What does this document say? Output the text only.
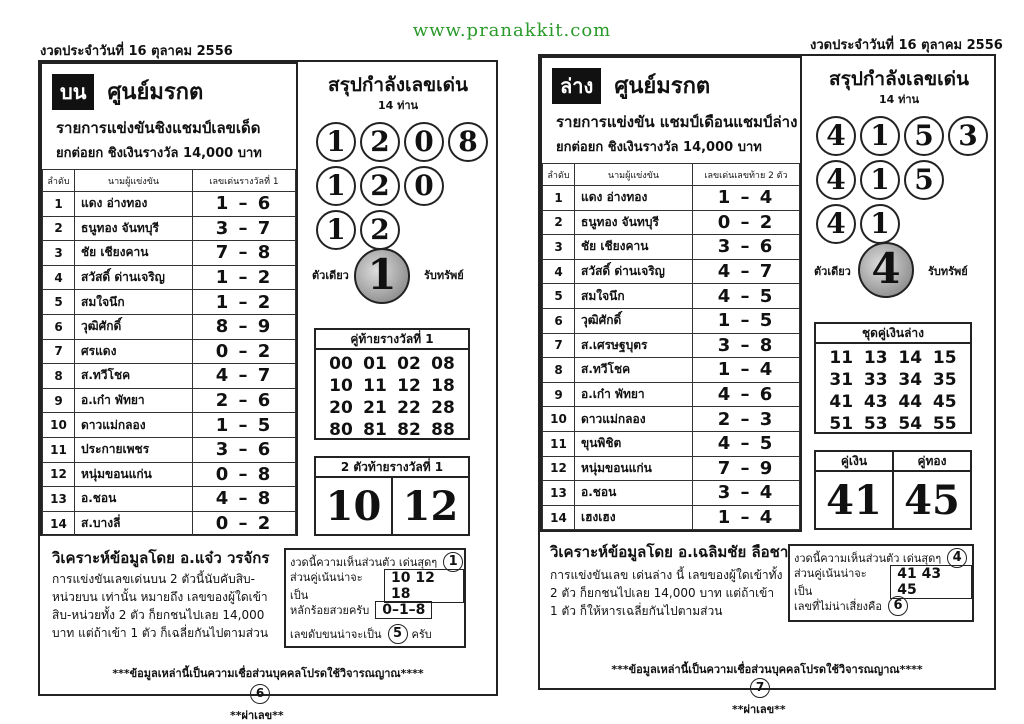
www.pranakkit.com
งวดประจำวันที่ 16 ตุลาคม 2556
บน ศูนย์มรกต
รายการแข่งขันชิงแชมป์เลขเด็ด
ยกต่อยก ชิงเงินรางวัล 14,000 บาท
ลำดับ	นามผู้แข่งขัน	เลขเด่นรางวัลที่ 1
1	แดง อ่างทอง	1 – 6
2	ธนูทอง จันทบุรี	3 – 7
3	ชัย เชียงคาน	7 – 8
4	สวัสดิ์ ด่านเจริญ	1 – 2
5	สมใจนึก	1 – 2
6	วุฒิศักดิ์	8 – 9
7	ศรแดง	0 – 2
8	ส.ทวีโชค	4 – 7
9	อ.เก๋า พัทยา	2 – 6
10	ดาวแม่กลอง	1 – 5
11	ประกายเพชร	3 – 6
12	หนุ่มขอนแก่น	0 – 8
13	อ.ชอน	4 – 8
14	ส.บางลี่	0 – 2
สรุปกำลังเลขเด่น
14 ท่าน
1 2 0 8
1 2 0
1 2
ตัวเดียว 1	รับทรัพย์
คู่ท้ายรางวัลที่ 1
00 01 02 08
10 11 12 18
20 21 22 28
80 81 82 88
2 ตัวท้ายรางวัลที่ 1
10 12
วิเคราะห์ข้อมูลโดย อ.แจ๋ว วรจักร
การแข่งขันเลขเด่นบน 2 ตัวนี้นับคับสิบ-หน่วยบน เท่านั้น หมายถึง เลขของผู้ใดเข้าสิบ-หน่วยทั้ง 2 ตัว ก็ยกชนไปเลย 14,000 บาท แต่ถ้าเข้า 1 ตัว ก็เฉลี่ยกันไปตามส่วน
งวดนี้ความเห็นส่วนตัว เด่นสุดๆ 1
ส่วนคู่เน้นน่าจะเป็น
10 12 18
หลักร้อยสวยครับ 0–1–8
เลขดับขนน่าจะเป็น 5 ครับ
***ข้อมูลเหล่านี้เป็นความเชื่อส่วนบุคคลโปรดใช้วิจารณญาณ****
6
**ผ่าเลข**
งวดประจำวันที่ 16 ตุลาคม 2556
ล่าง ศูนย์มรกต
รายการแข่งขัน แชมป์เดือนแชมป์ล่าง
ยกต่อยก ชิงเงินรางวัล 14,000 บาท
ลำดับ	นามผู้แข่งขัน	เลขเด่นเลขท้าย 2 ตัว
1	แดง อ่างทอง	1 – 4
2	ธนูทอง จันทบุรี	0 – 2
3	ชัย เชียงคาน	3 – 6
4	สวัสดิ์ ด่านเจริญ	4 – 7
5	สมใจนึก	4 – 5
6	วุฒิศักดิ์	1 – 5
7	ส.เศรษฐบุตร	3 – 8
8	ส.ทวีโชค	1 – 4
9	อ.เก๋า พัทยา	4 – 6
10	ดาวแม่กลอง	2 – 3
11	ขุนพิชิต	4 – 5
12	หนุ่มขอนแก่น	7 – 9
13	อ.ชอน	3 – 4
14	เฮงเฮง	1 – 4
สรุปกำลังเลขเด่น
14 ท่าน
4 1 5 3
4 1 5
4 1
ตัวเดียว 4	รับทรัพย์
ชุดคู่เงินล่าง
11 13 14 15
31 33 34 35
41 43 44 45
51 53 54 55
คู่เงิน	คู่ทอง
41 45
วิเคราะห์ข้อมูลโดย อ.เฉลิมชัย ลือชา
การแข่งขันเลข เด่นล่าง นี้ เลขของผู้ใดเข้าทั้ง 2 ตัว ก็ยกชนไปเลย 14,000 บาท แต่ถ้าเข้า 1 ตัว ก็ให้หารเฉลี่ยกันไปตามส่วน
งวดนี้ความเห็นส่วนตัว เด่นสุดๆ 4
ส่วนคู่เน้นน่าจะเป็น
41 43 45
เลขที่ไม่น่าเสี่ยงคือ 6
***ข้อมูลเหล่านี้เป็นความเชื่อส่วนบุคคลโปรดใช้วิจารณญาณ****
7
**ผ่าเลข**
